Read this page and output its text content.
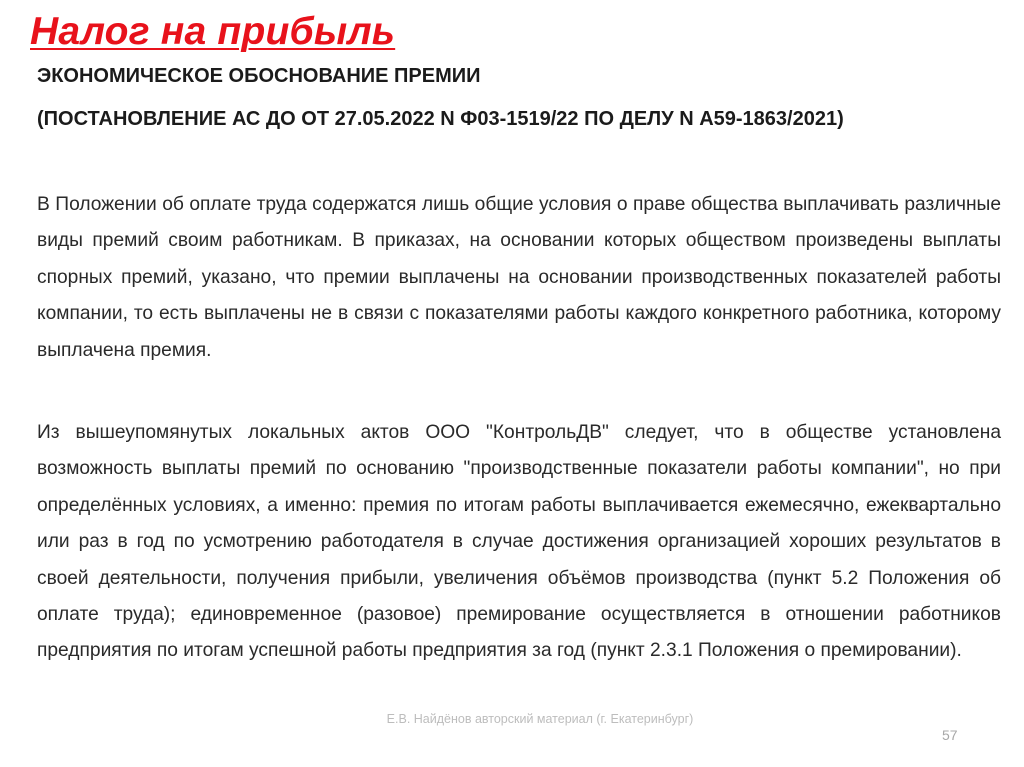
Налог на прибыль

ЭКОНОМИЧЕСКОЕ ОБОСНОВАНИЕ ПРЕМИИ

(ПОСТАНОВЛЕНИЕ АС ДО ОТ 27.05.2022 N Ф03-1519/22 ПО ДЕЛУ N А59-1863/2021)

В Положении об оплате труда содержатся лишь общие условия о праве общества выплачивать различные виды премий своим работникам. В приказах, на основании которых обществом произведены выплаты спорных премий, указано, что премии выплачены на основании производственных показателей работы компании, то есть выплачены не в связи с показателями работы каждого конкретного работника, которому выплачена премия.

Из вышеупомянутых локальных актов ООО "КонтрольДВ" следует, что в обществе установлена возможность выплаты премий по основанию "производственные показатели работы компании", но при определённых условиях, а именно: премия по итогам работы выплачивается ежемесячно, ежеквартально или раз в год по усмотрению работодателя в случае достижения организацией хороших результатов в своей деятельности, получения прибыли, увеличения объёмов производства (пункт 5.2 Положения об оплате труда); единовременное (разовое) премирование осуществляется в отношении работников предприятия по итогам успешной работы предприятия за год (пункт 2.3.1 Положения о премировании).

Е.В. Найдёнов авторский материал (г. Екатеринбург)
57
